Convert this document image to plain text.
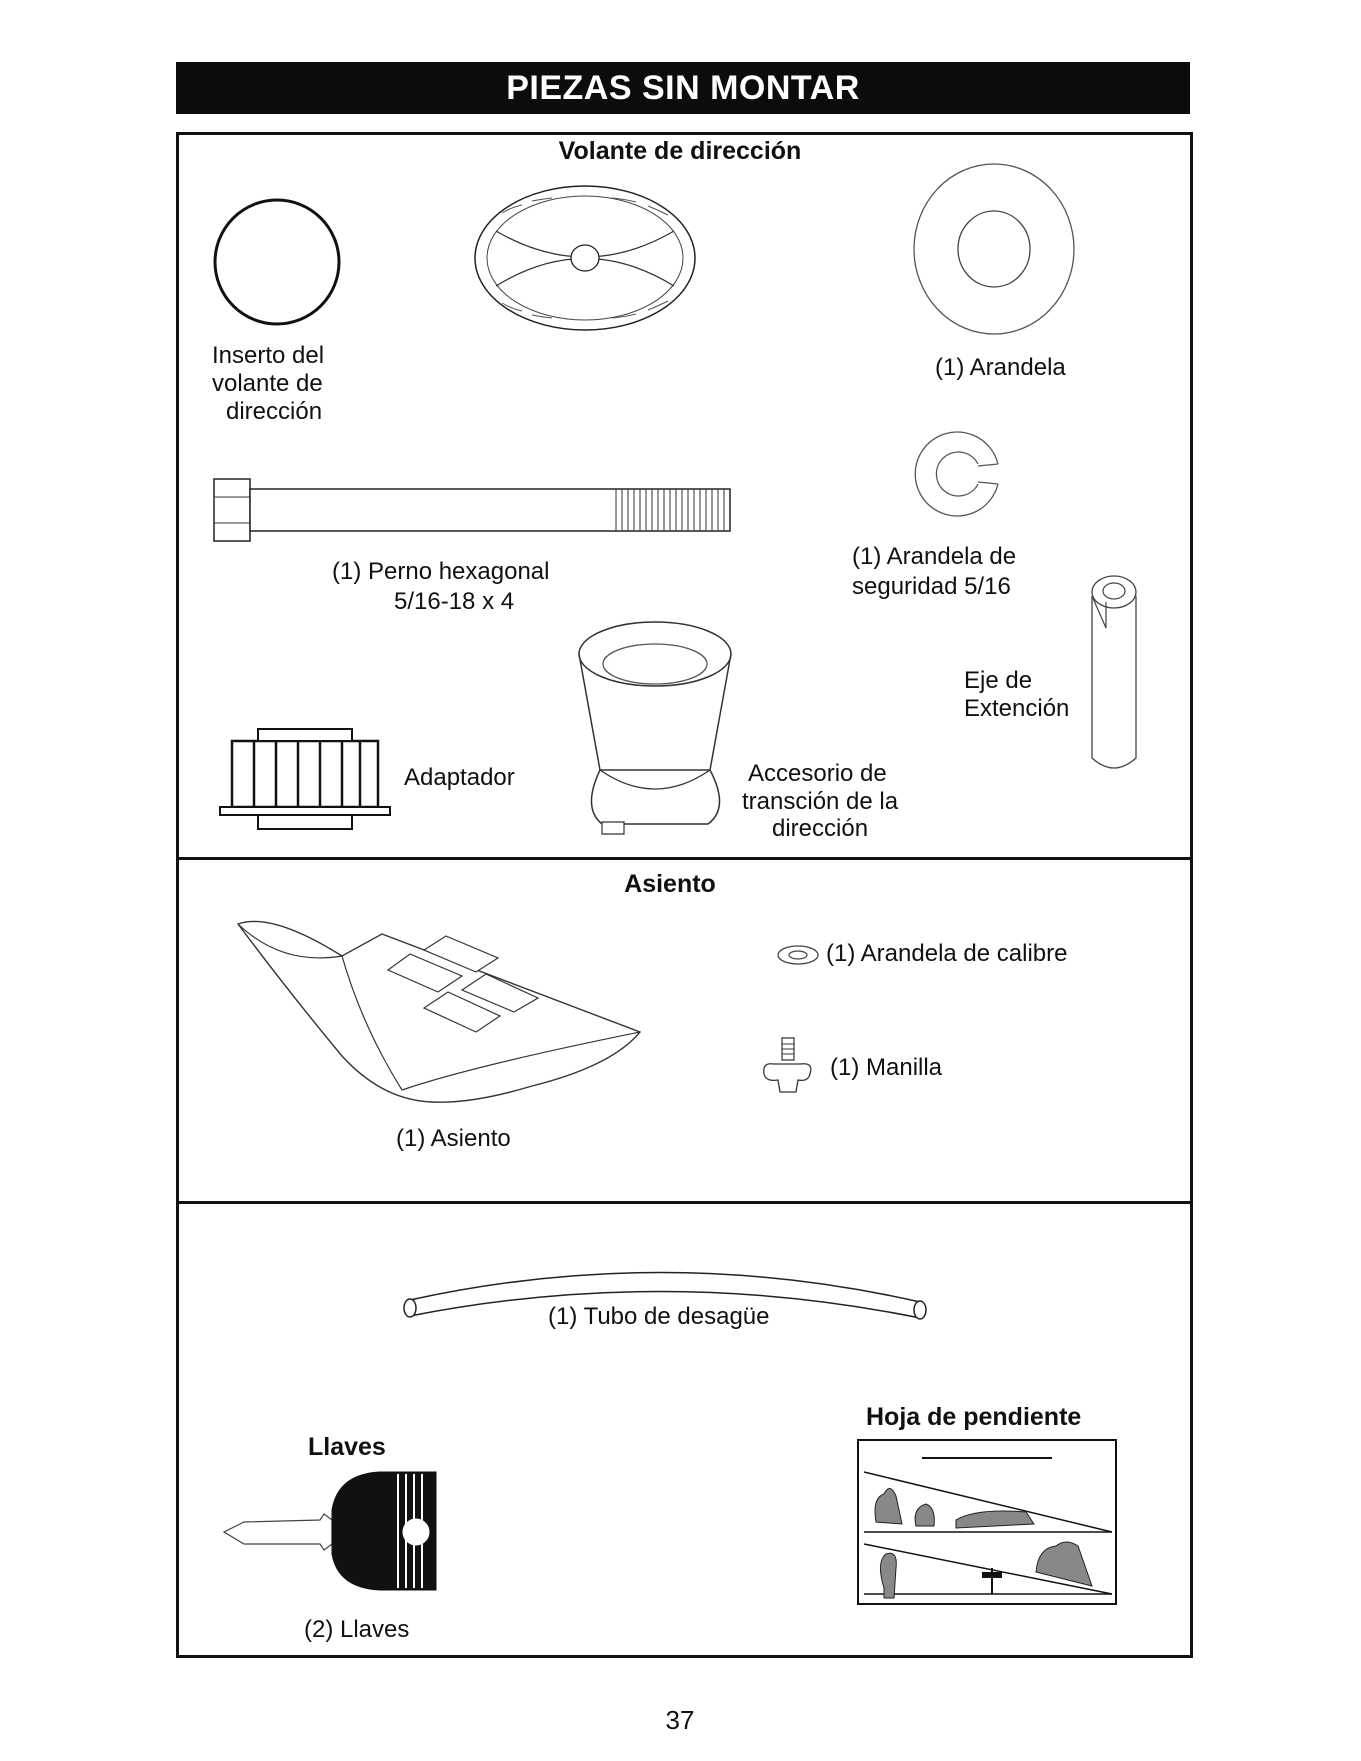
PIEZAS SIN MONTAR
Volante de dirección
Inserto del
volante de
dirección
(1) Arandela
(1) Perno hexagonal
5/16-18 x 4
(1) Arandela de
seguridad 5/16
Eje de
Extención
Adaptador	Accesorio de
transción de la
dirección
Asiento
(1) Asiento
(1) Arandela de calibre
(1) Manilla
(1) Tubo de desagüe
Llaves
(2) Llaves
Hoja de pendiente
37
